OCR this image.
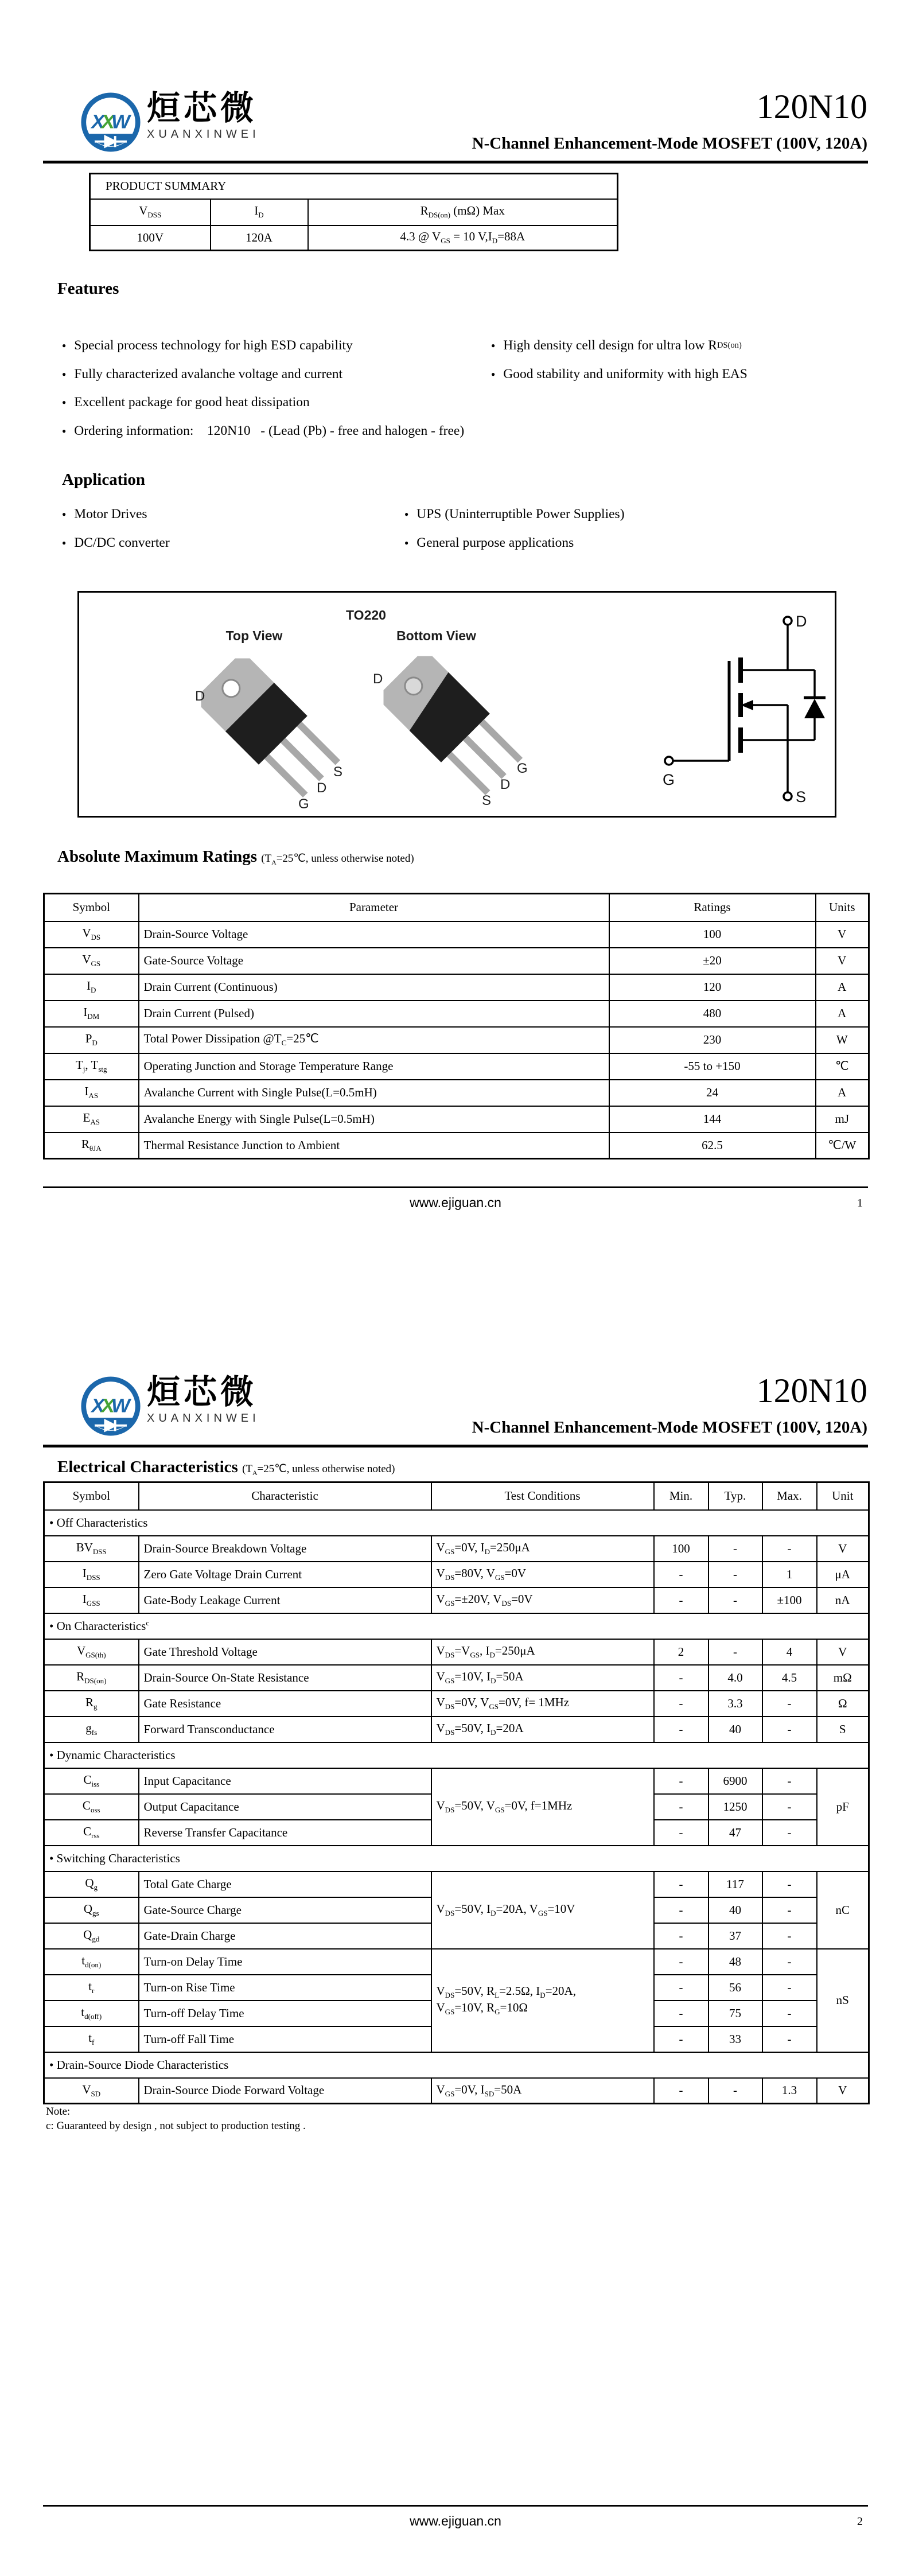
XXW 烜芯微
XUANXINWEI
120N10
N-Channel Enhancement-Mode MOSFET (100V, 120A)
PRODUCT SUMMARY		
$V_{DSS}$	$I_D$	$R_{DS(on)}$ (mΩ) Max
100V	120A	4.3 @ $V_{GS} = 10$ $V,I_D=88A$
Features
● Special process technology for high ESD capability
● Fully characterized avalanche voltage and current
● Excellent package for good heat dissipation
● Ordering information:    120N10   - (Lead (Pb) - free and halogen - free)
● High density cell design for ultra low R DS(on)
● Good stability and uniformity with high EAS
Application
● Motor Drives
● DC/DC converter
● UPS (Uninterruptible Power Supplies)
● General purpose applications
TO220
Top View	Bottom View
D
G
D
S
D
S
D
G
D
G
S
Absolute Maximum Ratings ($T_A=25℃$, unless otherwise noted)
Symbol	Parameter	Ratings	Units
$V_{DS}$	Drain-Source Voltage	100	V
$V_{GS}$	Gate-Source Voltage	±20	V
$I_D$	Drain Current (Continuous)	120	A
$I_{DM}$	Drain Current (Pulsed)	480	A
$P_D$	Total Power Dissipation $@T_C=25℃$	230	W
$T_j$, $T_{stg}$	Operating Junction and Storage Temperature Range	-55 to +150	℃
$I_{AS}$	Avalanche Current with Single Pulse(L=0.5mH)	24	A
$E_{AS}$	Avalanche Energy with Single Pulse(L=0.5mH)	144	mJ
$R_{\theta JA}$	Thermal Resistance Junction to Ambient	62.5	℃/W
www.ejiguan.cn	1
XXW 烜芯微
XUANXINWEI
120N10
N-Channel Enhancement-Mode MOSFET (100V, 120A)
Electrical Characteristics ($T_A=25℃$, unless otherwise noted)
Symbol	Characteristic	Test Conditions	Min.	Typ.	Max.	Unit
• Off Characteristics						
$BV_{DSS}$	Drain-Source Breakdown Voltage	$V_{GS}=0V$, $I_D=250\mu A$	100	-	-	V
$I_{DSS}$	Zero Gate Voltage Drain Current	$V_{DS}=80V$, $V_{GS}=0V$	-	-	1	μA
$I_{GSS}$	Gate-Body Leakage Current	$V_{GS}=\pm 20V$, $V_{DS}=0V$	-	-	±100	nA
• On Characteristics$^c$
$V_{GS(th)}$	Gate Threshold Voltage	$V_{DS}=V_{GS}$, $I_D=250\mu A$	2	-	4	V
$R_{DS(on)}$	Drain-Source On-State Resistance	$V_{GS}=10V$, $I_D=50A$	-	4.0	4.5	mΩ
$R_g$	Gate Resistance	$V_{DS}=0V$, $V_{GS}=0V$, f= 1MHz	-	3.3	-	Ω
$g_{fs}$	Forward Transconductance	$V_{DS}=50V$, $I_D=20A$	-	40	-	S
• Dynamic Characteristics						
$C_{iss}$	Input Capacitance	$V_{DS}=50V$, $V_{GS}=0V$, f=1MHz	-	6900	-	pF
$C_{oss}$	Output Capacitance		-	1250	-	
$C_{rss}$	Reverse Transfer Capacitance		-	47	-	
• Switching Characteristics						
$Q_g$	Total Gate Charge	$V_{DS}=50V$, $I_D=20A$, $V_{GS}=10V$	-	117	-	nC
$Q_{gs}$	Gate-Source Charge		-	40	-	
$Q_{gd}$	Gate-Drain Charge		-	37	-	
$t_{d(on)}$	Turn-on Delay Time	$V_{DS}=50V$, $R_L=2.5\Omega$, $I_D=20A$,
$V_{GS}=10V$, $R_G=10\Omega$	-	48	-	nS
$t_r$	Turn-on Rise Time		-	56	-	
$t_{d(off)}$	Turn-off Delay Time		-	75	-	
$t_f$	Turn-off Fall Time		-	33	-	
• Drain-Source Diode Characteristics						
$V_{SD}$	Drain-Source Diode Forward Voltage	$V_{GS}=0V$, $I_{SD}=50A$	-	-	1.3	V
Note:
c: Guaranteed by design , not subject to production testing .
www.ejiguan.cn	2
